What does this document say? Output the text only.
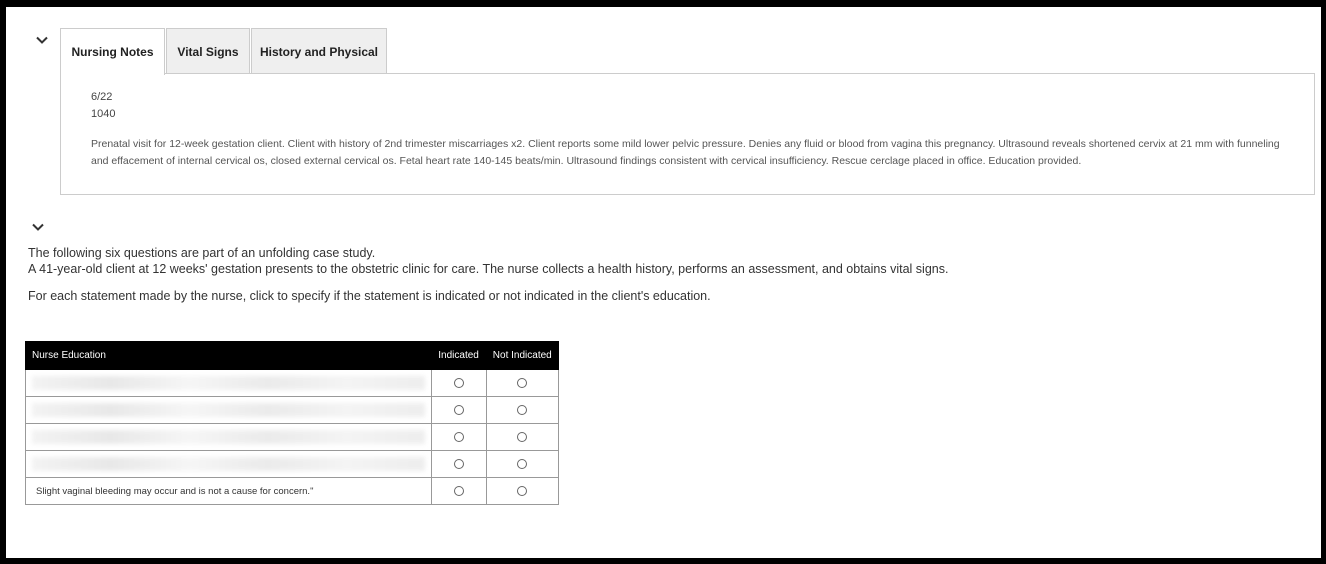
Nursing Notes	Vital Signs	History and Physical
6/22
1040
Prenatal visit for 12-week gestation client. Client with history of 2nd trimester miscarriages x2. Client reports some mild lower pelvic pressure. Denies any fluid or blood from vagina this pregnancy. Ultrasound reveals shortened cervix at 21 mm with funneling and effacement of internal cervical os, closed external cervical os. Fetal heart rate 140-145 beats/min. Ultrasound findings consistent with cervical insufficiency. Rescue cerclage placed in office. Education provided.
The following six questions are part of an unfolding case study.
A 41-year-old client at 12 weeks' gestation presents to the obstetric clinic for care. The nurse collects a health history, performs an assessment, and obtains vital signs.
For each statement made by the nurse, click to specify if the statement is indicated or not indicated in the client's education.
Nurse Education	Indicated	Not Indicated

Slight vaginal bleeding may occur and is not a cause for concern."		
